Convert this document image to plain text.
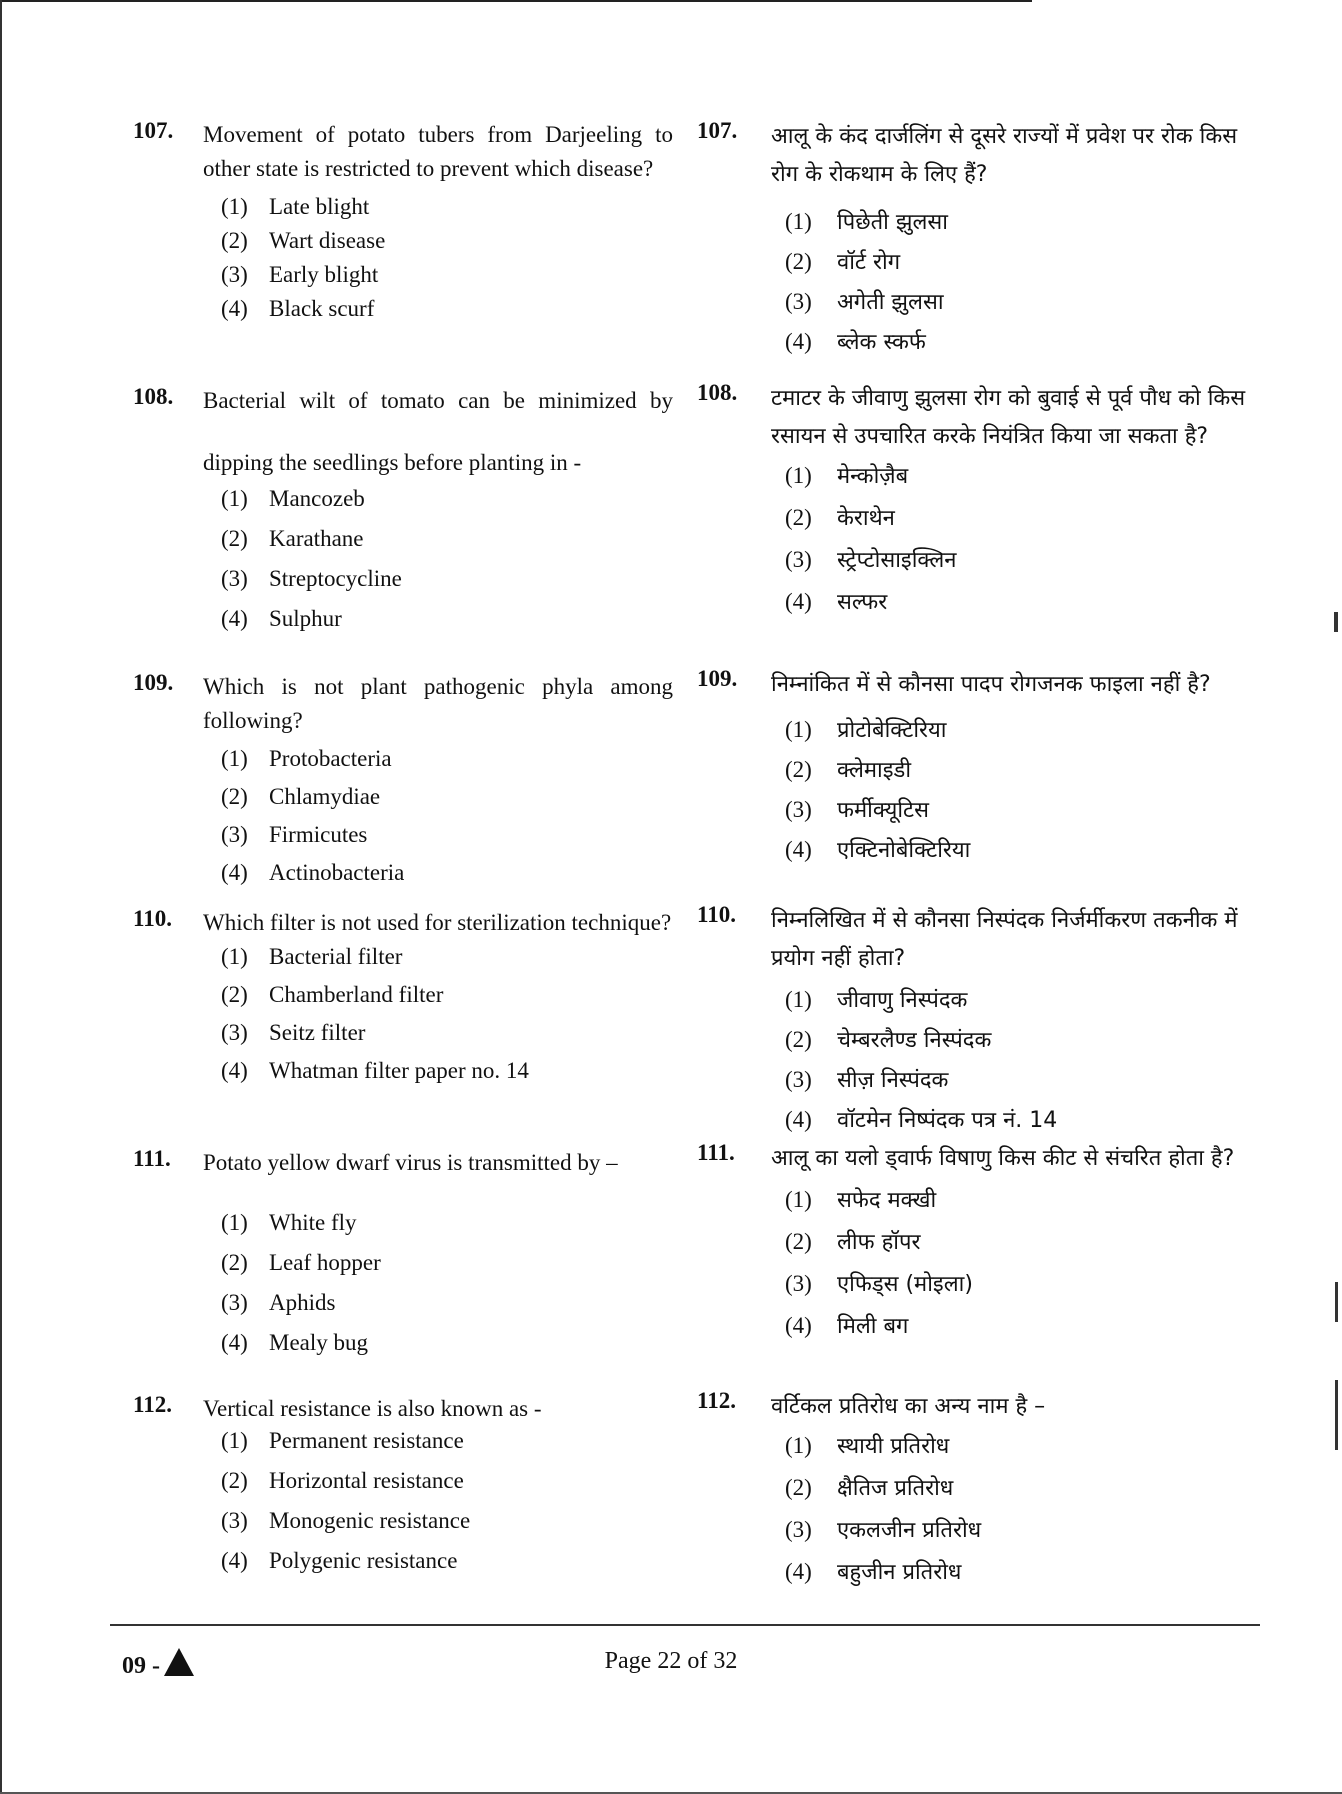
107. Movement of potato tubers from Darjeeling to other state is restricted to prevent which disease?
(1) Late blight
(2) Wart disease
(3) Early blight
(4) Black scurf
108. Bacterial wilt of tomato can be minimized by dipping the seedlings before planting in -
(1) Mancozeb
(2) Karathane
(3) Streptocycline
(4) Sulphur
109. Which is not plant pathogenic phyla among following?
(1) Protobacteria
(2) Chlamydiae
(3) Firmicutes
(4) Actinobacteria
110. Which filter is not used for sterilization technique?
(1) Bacterial filter
(2) Chamberland filter
(3) Seitz filter
(4) Whatman filter paper no. 14
111. Potato yellow dwarf virus is transmitted by –
(1) White fly
(2) Leaf hopper
(3) Aphids
(4) Mealy bug
112. Vertical resistance is also known as -
(1) Permanent resistance
(2) Horizontal resistance
(3) Monogenic resistance
(4) Polygenic resistance
107. आलू के कंद दार्जलिंग से दूसरे राज्यों में प्रवेश पर रोक किस रोग के रोकथाम के लिए हैं?
(1) पिछेती झुलसा
(2) वॉर्ट रोग
(3) अगेती झुलसा
(4) ब्लेक स्कर्फ
108. टमाटर के जीवाणु झुलसा रोग को बुवाई से पूर्व पौध को किस रसायन से उपचारित करके नियंत्रित किया जा सकता है?
(1) मेन्कोज़ैब
(2) केराथेन
(3) स्ट्रेप्टोसाइक्लिन
(4) सल्फर
109. निम्नांकित में से कौनसा पादप रोगजनक फाइला नहीं है?
(1) प्रोटोबेक्टिरिया
(2) क्लेमाइडी
(3) फर्मीक्यूटिस
(4) एक्टिनोबेक्टिरिया
110. निम्नलिखित में से कौनसा निस्पंदक निर्जर्मीकरण तकनीक में प्रयोग नहीं होता?
(1) जीवाणु निस्पंदक
(2) चेम्बरलैण्ड निस्पंदक
(3) सीज़ निस्पंदक
(4) वॉटमेन निष्पंदक पत्र नं. 14
111. आलू का यलो ड्वार्फ विषाणु किस कीट से संचरित होता है?
(1) सफेद मक्खी
(2) लीफ हॉपर
(3) एफिड्स (मोइला)
(4) मिली बग
112. वर्टिकल प्रतिरोध का अन्य नाम है –
(1) स्थायी प्रतिरोध
(2) क्षैतिज प्रतिरोध
(3) एकलजीन प्रतिरोध
(4) बहुजीन प्रतिरोध
09 -	Page 22 of 32
